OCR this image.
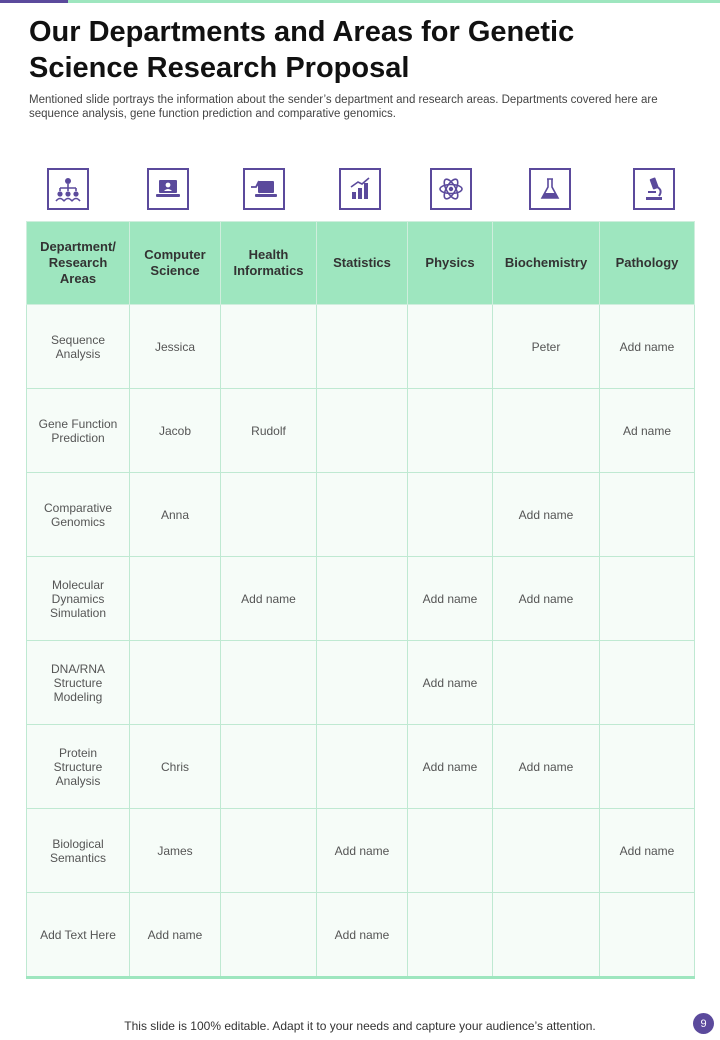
Our Departments and Areas for Genetic Science Research Proposal
Mentioned slide portrays the information about the sender’s department and research areas. Departments covered here are sequence analysis, gene function prediction and comparative genomics.
Department/ Research Areas	Computer Science	Health Informatics	Statistics	Physics	Biochemistry	Pathology
Sequence Analysis	Jessica				Peter	Add name
Gene Function Prediction	Jacob	Rudolf				Ad name
Comparative Genomics	Anna				Add name	
Molecular Dynamics Simulation		Add name		Add name	Add name	
DNA/RNA Structure Modeling				Add name		
Protein Structure Analysis	Chris			Add name	Add name	
Biological Semantics	James		Add name			Add name
Add Text Here	Add name		Add name			
This slide is 100% editable. Adapt it to your needs and capture your audience’s attention.	9
